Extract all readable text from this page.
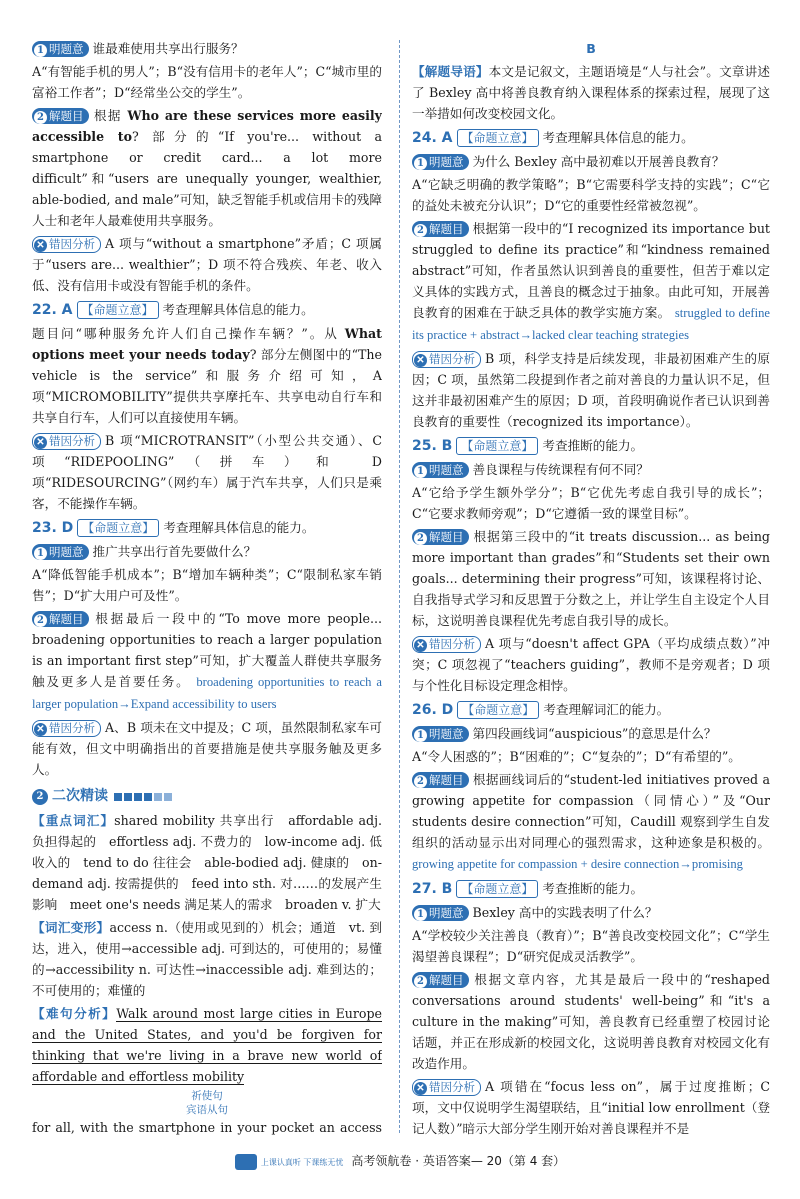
1 明题意 谁最难使用共享出行服务？

A“有智能手机的男人”；B“没有信用卡的老年人”；C“城市里的富裕工作者”；D“经常坐公交的学生”。

2 解题目 根据 Who are these services more easily accessible to? 部分的“If you're... without a smartphone or credit card... a lot more difficult”和“users are unequally younger, wealthier, able-bodied, and male”可知，缺乏智能手机或信用卡的残障人士和老年人最难使用共享服务。

✕ 错因分析 A 项与“without a smartphone”矛盾；C 项属于“users are... wealthier”；D 项不符合残疾、年老、收入低、没有信用卡或没有智能手机的条件。

22. A 【命题立意】 考查理解具体信息的能力。

题目问“哪种服务允许人们自己操作车辆？”。从 What options meet your needs today? 部分左侧图中的“The vehicle is the service”和服务介绍可知，A 项“MICROMOBILITY”提供共享摩托车、共享电动自行车和共享自行车，人们可以直接使用车辆。

✕ 错因分析 B 项“MICROTRANSIT”（小型公共交通）、C 项“RIDEPOOLING”（拼车）和 D 项“RIDESOURCING”（网约车）属于汽车共享，人们只是乘客，不能操作车辆。

23. D 【命题立意】 考查理解具体信息的能力。

1 明题意 推广共享出行首先要做什么？

A“降低智能手机成本”；B“增加车辆种类”；C“限制私家车销售”；D“扩大用户可及性”。

2 解题目 根据最后一段中的“To move more people... broadening opportunities to reach a larger population is an important first step”可知，扩大覆盖人群使共享服务触及更多人是首要任务。 broadening opportunities to reach a larger population→Expand accessibility to users

✕ 错因分析 A、B 项未在文中提及；C 项，虽然限制私家车可能有效，但文中明确指出的首要措施是使共享服务触及更多人。

2 二次精读

【重点词汇】shared mobility 共享出行　affordable adj. 负担得起的　effortless adj. 不费力的　low-income adj. 低收入的　tend to do 往往会　able-bodied adj. 健康的　on-demand adj. 按需提供的　feed into sth. 对……的发展产生影响　meet one's needs 满足某人的需求　broaden v. 扩大

【词汇变形】access n.（使用或见到的）机会；通道　vt. 到达，进入，使用→accessible adj. 可到达的，可使用的；易懂的→accessibility n. 可达性→inaccessible adj. 难到达的；不可使用的；难懂的

【难句分析】Walk around most large cities in Europe and the United States, and you'd be forgiven for thinking that we're living in a brave new world of affordable and effortless mobility

祈使句
宾语从句

for all, with the smartphone in your pocket an access

B

【解题导语】本文是记叙文，主题语境是“人与社会”。文章讲述了 Bexley 高中将善良教育纳入课程体系的探索过程，展现了这一举措如何改变校园文化。

24. A 【命题立意】 考查理解具体信息的能力。

1 明题意 为什么 Bexley 高中最初难以开展善良教育？

A“它缺乏明确的教学策略”；B“它需要科学支持的实践”；C“它的益处未被充分认识”；D“它的重要性经常被忽视”。

2 解题目 根据第一段中的“I recognized its importance but struggled to define its practice”和“kindness remained abstract”可知，作者虽然认识到善良的重要性，但苦于难以定义具体的实践方式，且善良的概念过于抽象。由此可知，开展善良教育的困难在于缺乏具体的教学实施方案。 struggled to define its practice + abstract→lacked clear teaching strategies

✕ 错因分析 B 项，科学支持是后续发现，非最初困难产生的原因；C 项，虽然第二段提到作者之前对善良的力量认识不足，但这并非最初困难产生的原因；D 项，首段明确说作者已认识到善良教育的重要性（recognized its importance）。

25. B 【命题立意】 考查推断的能力。

1 明题意 善良课程与传统课程有何不同？

A“它给予学生额外学分”；B“它优先考虑自我引导的成长”；C“它要求教师旁观”；D“它遵循一致的课堂目标”。

2 解题目 根据第三段中的“it treats discussion... as being more important than grades”和“Students set their own goals... determining their progress”可知，该课程将讨论、自我指导式学习和反思置于分数之上，并让学生自主设定个人目标，这说明善良课程优先考虑自我引导的成长。

✕ 错因分析 A 项与“doesn't affect GPA（平均成绩点数）”冲突；C 项忽视了“teachers guiding”，教师不是旁观者；D 项与个性化目标设定理念相悖。

26. D 【命题立意】 考查理解词汇的能力。

1 明题意 第四段画线词“auspicious”的意思是什么？

A“令人困惑的”；B“困难的”；C“复杂的”；D“有希望的”。

2 解题目 根据画线词后的“student-led initiatives proved a growing appetite for compassion（同情心）”及“Our students desire connection”可知，Caudill 观察到学生自发组织的活动显示出对同理心的强烈需求，这种迹象是积极的。 growing appetite for compassion + desire connection→promising

27. B 【命题立意】 考查推断的能力。

1 明题意 Bexley 高中的实践表明了什么？

A“学校较少关注善良（教育）”；B“善良改变校园文化”；C“学生渴望善良课程”；D“研究促成灵活教学”。

2 解题目 根据文章内容，尤其是最后一段中的“reshaped conversations around students' well-being”和“it's a culture in the making”可知，善良教育已经重塑了校园讨论话题，并正在形成新的校园文化，这说明善良教育对校园文化有改造作用。

✕ 错因分析 A 项错在“focus less on”，属于过度推断；C 项，文中仅说明学生渴望联结，且“initial low enrollment（登记人数）”暗示大部分学生刚开始对善良课程并不是

上课认真听 下课练无忧 高考领航卷 · 英语答案— 20（第 4 套）
